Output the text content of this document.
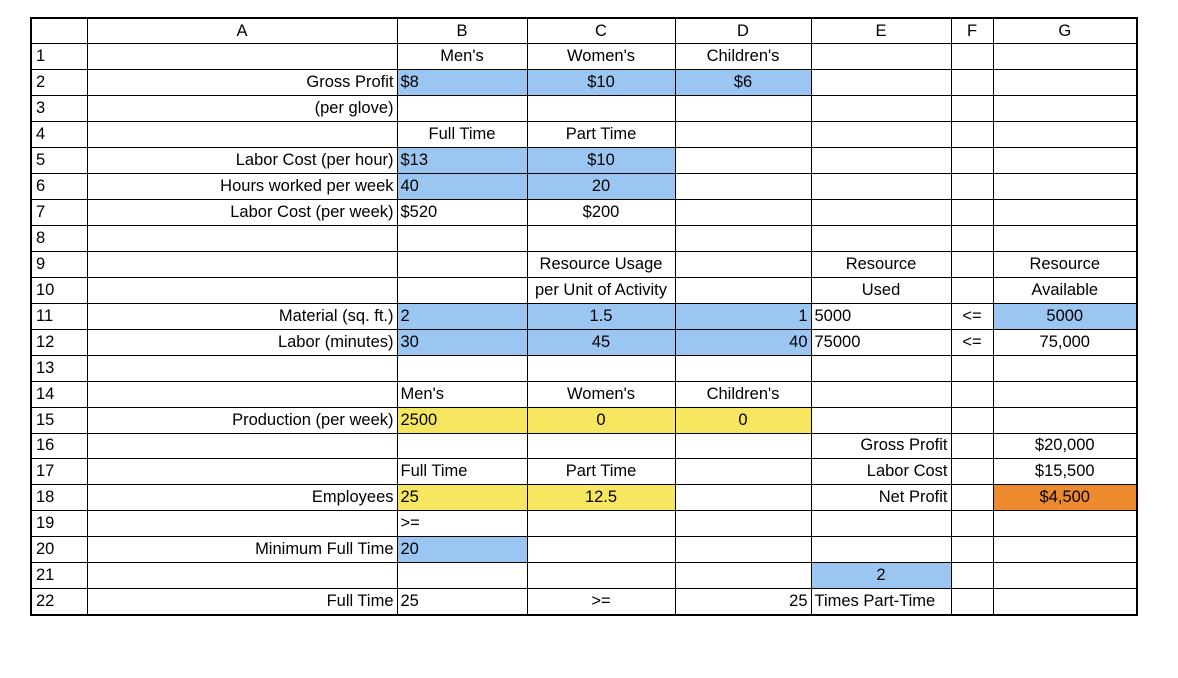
	A	B	C	D	E	F	G
1		Men's	Women's	Children's			
2	Gross Profit	$8	$10	$6			
3	(per glove)						
4		Full Time	Part Time				
5	Labor Cost (per hour)	$13	$10				
6	Hours worked per week	40	20				
7	Labor Cost (per week)	$520	$200				
8							
9			Resource Usage		Resource		Resource
10			per Unit of Activity		Used		Available
11	Material (sq. ft.)	2	1.5	1	5000	<=	5000
12	Labor (minutes)	30	45	40	75000	<=	75,000
13							
14		Men's	Women's	Children's			
15	Production (per week)	2500	0	0			
16					Gross Profit		$20,000
17		Full Time	Part Time		Labor Cost		$15,500
18	Employees	25	12.5		Net Profit		$4,500
19		>=					
20	Minimum Full Time	20					
21					2		
22	Full Time	25	>=	25	Times Part-Time		
